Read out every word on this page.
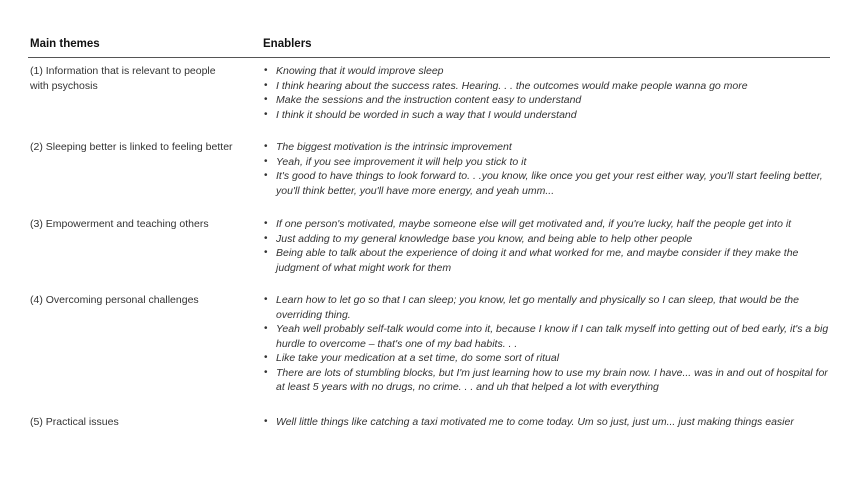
Main themes	Enablers
(1) Information that is relevant to people with psychosis
• Knowing that it would improve sleep
• I think hearing about the success rates. Hearing. . . the outcomes would make people wanna go more
• Make the sessions and the instruction content easy to understand
• I think it should be worded in such a way that I would understand
(2) Sleeping better is linked to feeling better	• The biggest motivation is the intrinsic improvement
• Yeah, if you see improvement it will help you stick to it
• It's good to have things to look forward to. . .you know, like once you get your rest either way, you'll start feeling better, you'll think better, you'll have more energy, and yeah umm...
(3) Empowerment and teaching others	• If one person's motivated, maybe someone else will get motivated and, if you're lucky, half the people get into it
• Just adding to my general knowledge base you know, and being able to help other people
• Being able to talk about the experience of doing it and what worked for me, and maybe consider if they make the judgment of what might work for them
(4) Overcoming personal challenges	• Learn how to let go so that I can sleep; you know, let go mentally and physically so I can sleep, that would be the overriding thing.
• Yeah well probably self-talk would come into it, because I know if I can talk myself into getting out of bed early, it's a big hurdle to overcome – that's one of my bad habits. . .
• Like take your medication at a set time, do some sort of ritual
• There are lots of stumbling blocks, but I'm just learning how to use my brain now. I have... was in and out of hospital for at least 5 years with no drugs, no crime. . . and uh that helped a lot with everything
(5) Practical issues	• Well little things like catching a taxi motivated me to come today. Um so just, just um... just making things easier
